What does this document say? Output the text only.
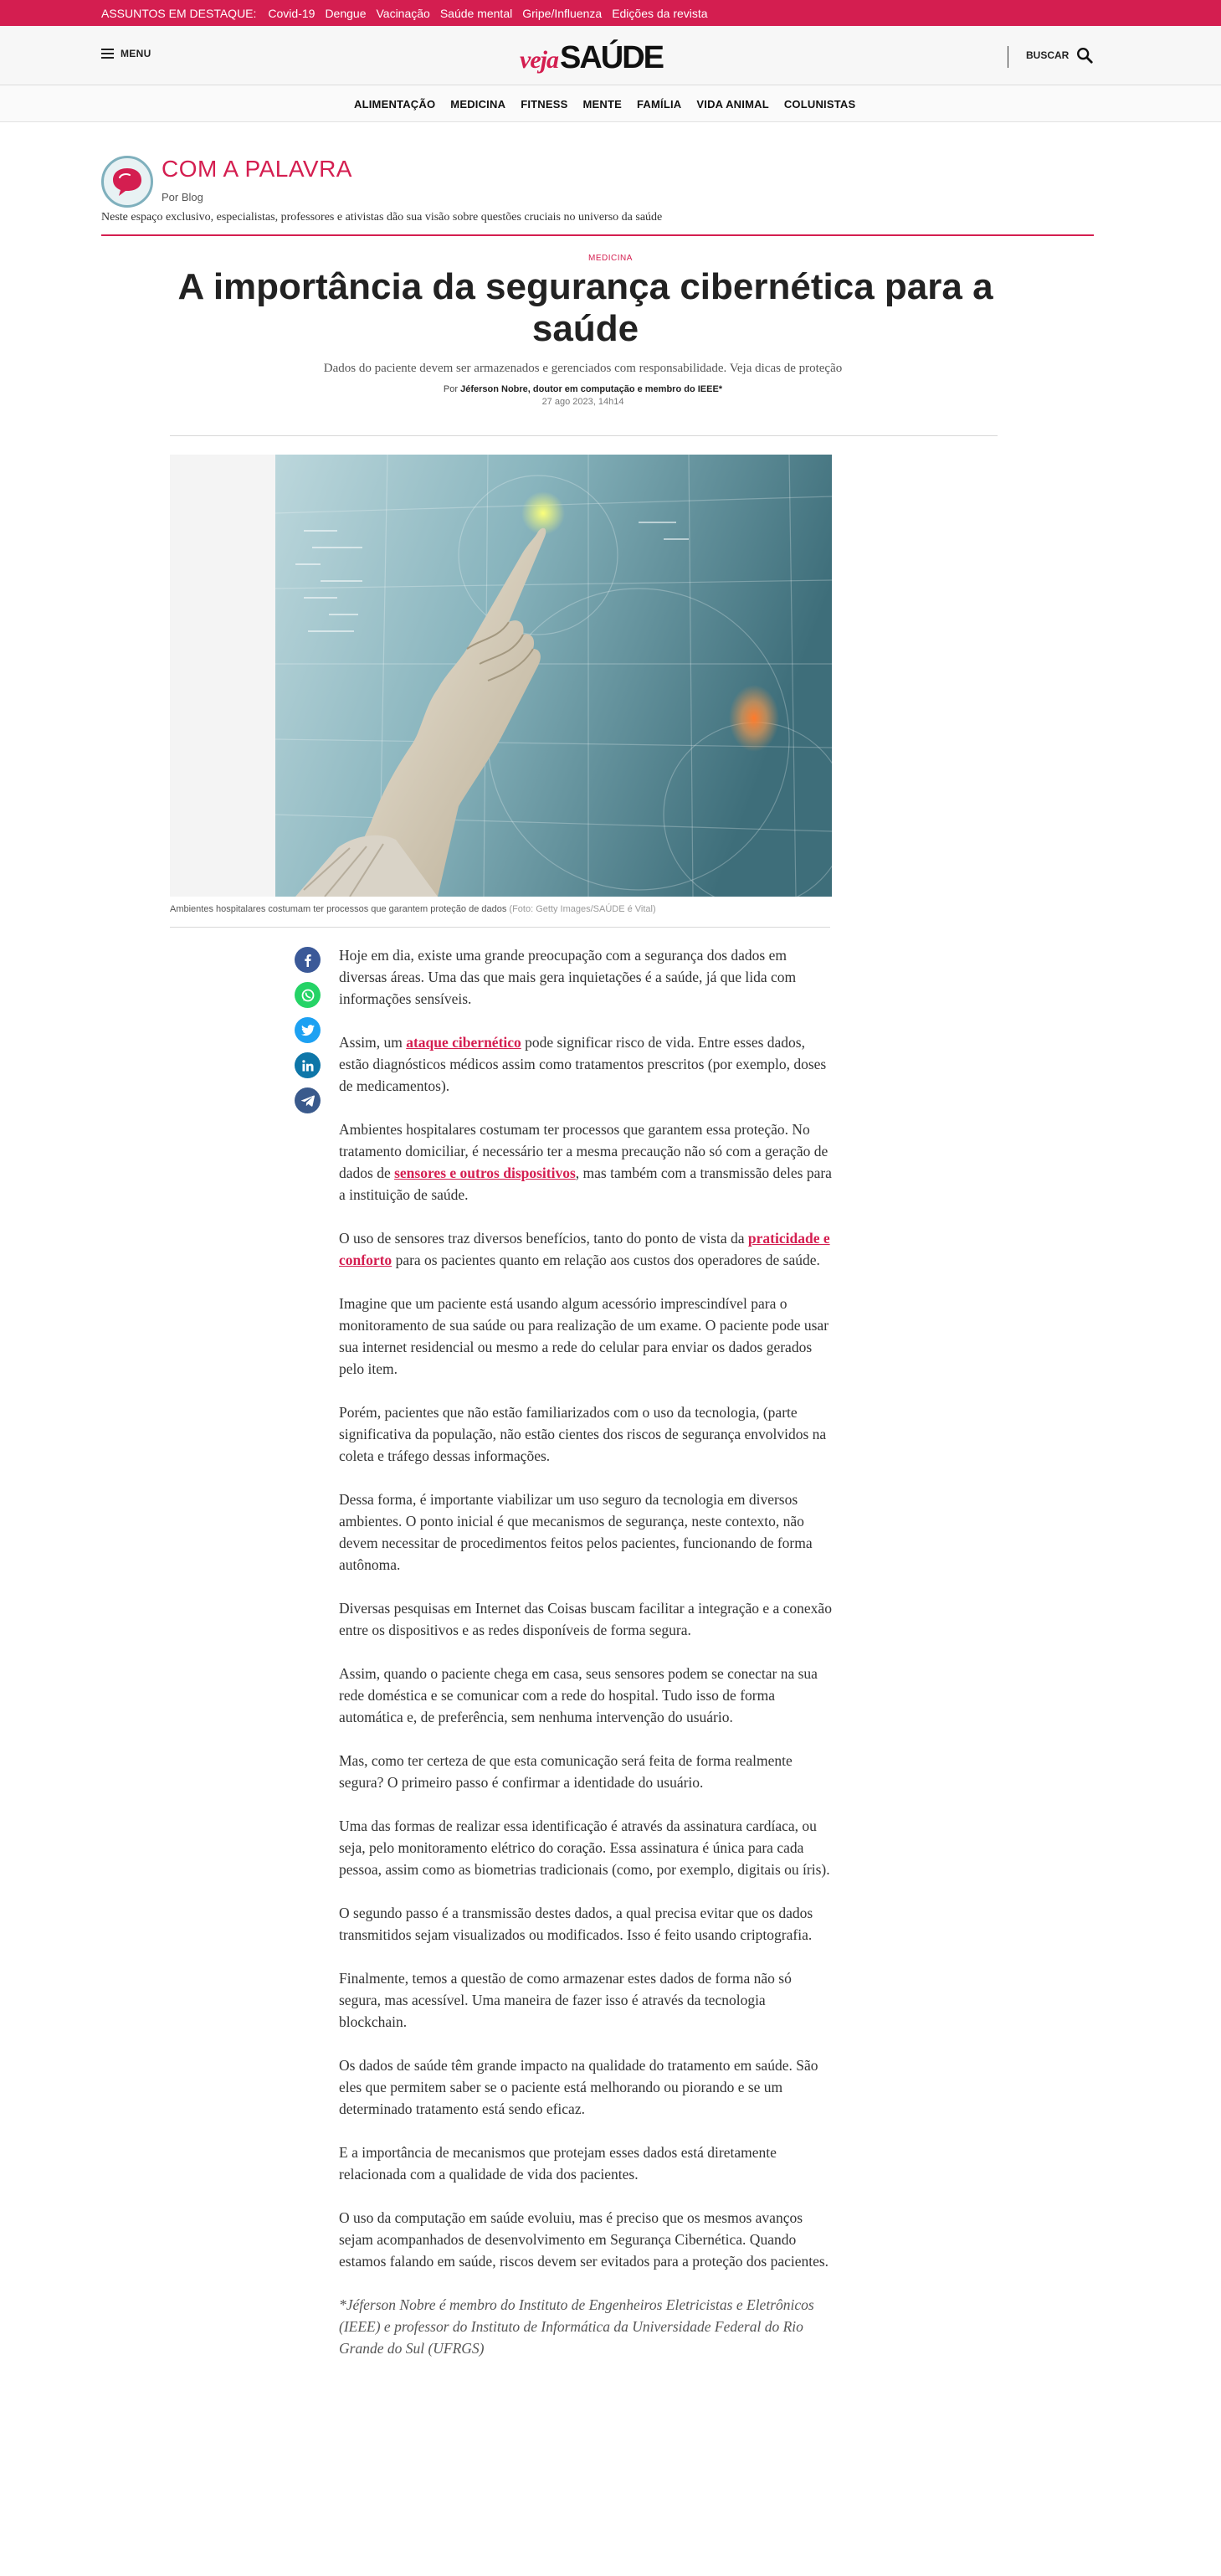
ASSUNTOS EM DESTAQUE: Covid-19 Dengue Vacinação Saúde mental Gripe/Influenza Edições da revista
MENU	veja SAÚDE	BUSCAR
ALIMENTAÇÃO MEDICINA FITNESS MENTE FAMÍLIA VIDA ANIMAL COLUNISTAS
COM A PALAVRA
Por Blog
Neste espaço exclusivo, especialistas, professores e ativistas dão sua visão sobre questões cruciais no universo da saúde
MEDICINA
A importância da segurança cibernética para a saúde
Dados do paciente devem ser armazenados e gerenciados com responsabilidade. Veja dicas de proteção
Por Jéferson Nobre, doutor em computação e membro do IEEE*
27 ago 2023, 14h14
Ambientes hospitalares costumam ter processos que garantem proteção de dados (Foto: Getty Images/SAÚDE é Vital)

Hoje em dia, existe uma grande preocupação com a segurança dos dados em diversas áreas. Uma das que mais gera inquietações é a saúde, já que lida com informações sensíveis.

Assim, um ataque cibernético pode significar risco de vida. Entre esses dados, estão diagnósticos médicos assim como tratamentos prescritos (por exemplo, doses de medicamentos).

Ambientes hospitalares costumam ter processos que garantem essa proteção. No tratamento domiciliar, é necessário ter a mesma precaução não só com a geração de dados de sensores e outros dispositivos, mas também com a transmissão deles para a instituição de saúde.

O uso de sensores traz diversos benefícios, tanto do ponto de vista da praticidade e conforto para os pacientes quanto em relação aos custos dos operadores de saúde.

Imagine que um paciente está usando algum acessório imprescindível para o monitoramento de sua saúde ou para realização de um exame. O paciente pode usar sua internet residencial ou mesmo a rede do celular para enviar os dados gerados pelo item.

Porém, pacientes que não estão familiarizados com o uso da tecnologia, (parte significativa da população, não estão cientes dos riscos de segurança envolvidos na coleta e tráfego dessas informações.

Dessa forma, é importante viabilizar um uso seguro da tecnologia em diversos ambientes. O ponto inicial é que mecanismos de segurança, neste contexto, não devem necessitar de procedimentos feitos pelos pacientes, funcionando de forma autônoma.

Diversas pesquisas em Internet das Coisas buscam facilitar a integração e a conexão entre os dispositivos e as redes disponíveis de forma segura.

Assim, quando o paciente chega em casa, seus sensores podem se conectar na sua rede doméstica e se comunicar com a rede do hospital. Tudo isso de forma automática e, de preferência, sem nenhuma intervenção do usuário.

Mas, como ter certeza de que esta comunicação será feita de forma realmente segura? O primeiro passo é confirmar a identidade do usuário.

Uma das formas de realizar essa identificação é através da assinatura cardíaca, ou seja, pelo monitoramento elétrico do coração. Essa assinatura é única para cada pessoa, assim como as biometrias tradicionais (como, por exemplo, digitais ou íris).

O segundo passo é a transmissão destes dados, a qual precisa evitar que os dados transmitidos sejam visualizados ou modificados. Isso é feito usando criptografia.

Finalmente, temos a questão de como armazenar estes dados de forma não só segura, mas acessível. Uma maneira de fazer isso é através da tecnologia blockchain.

Os dados de saúde têm grande impacto na qualidade do tratamento em saúde. São eles que permitem saber se o paciente está melhorando ou piorando e se um determinado tratamento está sendo eficaz.

E a importância de mecanismos que protejam esses dados está diretamente relacionada com a qualidade de vida dos pacientes.

O uso da computação em saúde evoluiu, mas é preciso que os mesmos avanços sejam acompanhados de desenvolvimento em Segurança Cibernética. Quando estamos falando em saúde, riscos devem ser evitados para a proteção dos pacientes.

*Jéferson Nobre é membro do Instituto de Engenheiros Eletricistas e Eletrônicos (IEEE) e professor do Instituto de Informática da Universidade Federal do Rio Grande do Sul (UFRGS)
